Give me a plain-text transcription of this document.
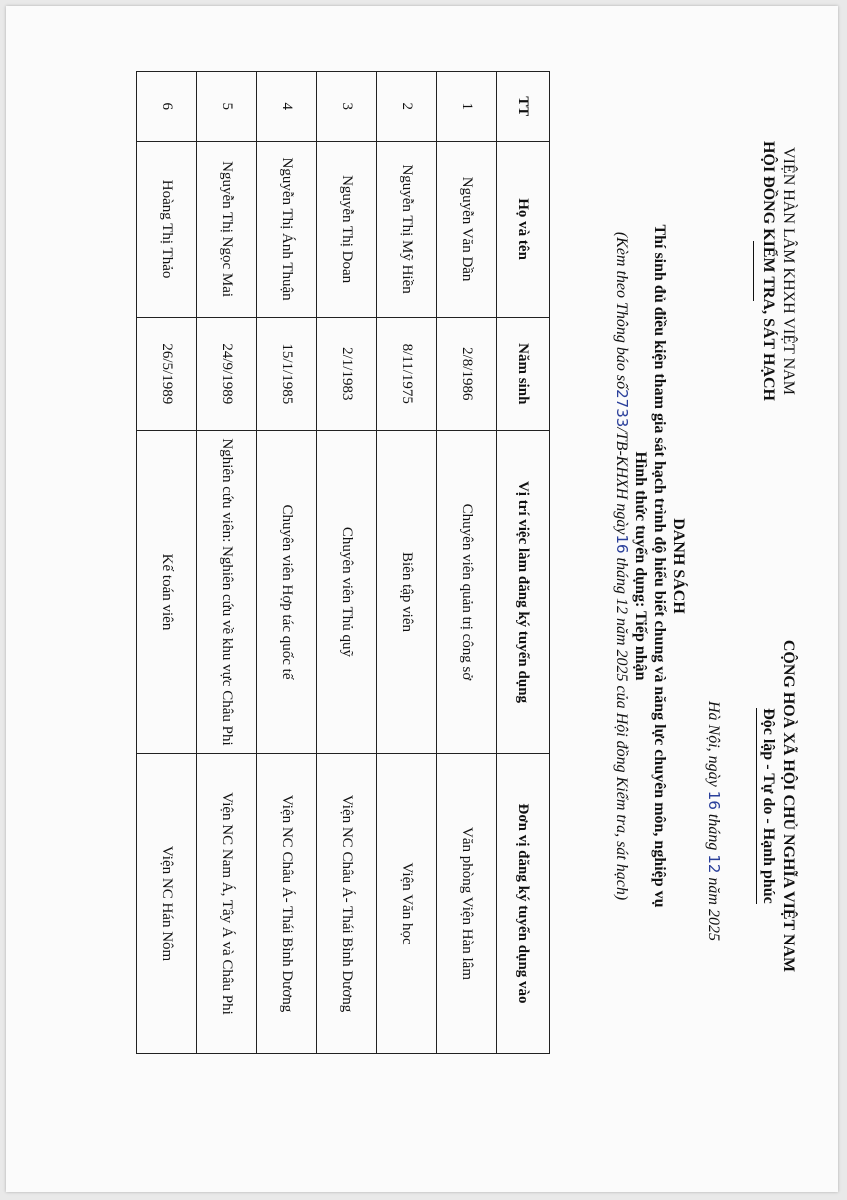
VIỆN HÀN LÂM KHXH VIỆT NAM
HỘI ĐỒNG KIỂM TRA, SÁT HẠCH
CỘNG HOÀ XÃ HỘI CHỦ NGHĨA VIỆT NAM
Độc lập - Tự do - Hạnh phúc
Hà Nội, ngày 16 tháng 12 năm 2025
DANH SÁCH
Thí sinh đủ điều kiện tham gia sát hạch trình độ hiểu biết chung và năng lực chuyên môn, nghiệp vụ
Hình thức tuyển dụng: Tiếp nhận
(Kèm theo Thông báo số2733/TB-KHXH ngày16 tháng 12 năm 2025 của Hội đồng Kiểm tra, sát hạch)
TT	Họ và tên	Năm sinh	Vị trí việc làm đăng ký tuyển dụng	Đơn vị đăng ký tuyển dụng vào
1	Nguyễn Văn Dần	2/8/1986	Chuyên viên quản trị công sở	Văn phòng Viện Hàn lâm
2	Nguyễn Thị Mỹ Hiền	8/11/1975	Biên tập viên	Viện Văn học
3	Nguyễn Thị Doan	2/1/1983	Chuyên viên Thủ quỹ	Viện NC Châu Á- Thái Bình Dương
4	Nguyễn Thị Ánh Thuận	15/1/1985	Chuyên viên Hợp tác quốc tế	Viện NC Châu Á- Thái Bình Dương
5	Nguyễn Thị Ngọc Mai	24/9/1989	Nghiên cứu viên: Nghiên cứu về khu vực Châu Phi	Viện NC Nam Á, Tây Á và Châu Phi
6	Hoàng Thị Thảo	26/5/1989	Kế toán viên	Viện NC Hán Nôm
